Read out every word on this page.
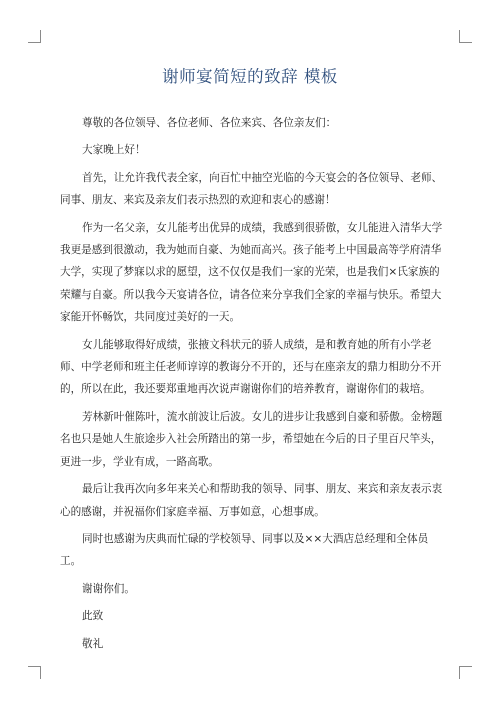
谢师宴简短的致辞 模板

尊敬的各位领导、各位老师、各位来宾、各位亲友们：

大家晚上好！

首先，让允许我代表全家，向百忙中抽空光临的今天宴会的各位领导、老师、同事、朋友、来宾及亲友们表示热烈的欢迎和衷心的感谢！

作为一名父亲，女儿能考出优异的成绩，我感到很骄傲，女儿能进入清华大学我更是感到很激动，我为她而自豪、为她而高兴。孩子能考上中国最高等学府清华大学，实现了梦寐以求的愿望，这不仅仅是我们一家的光荣，也是我们×氏家族的荣耀与自豪。所以我今天宴请各位，请各位来分享我们全家的幸福与快乐。希望大家能开怀畅饮，共同度过美好的一天。

女儿能够取得好成绩，张掖文科状元的骄人成绩，是和教育她的所有小学老师、中学老师和班主任老师谆谆的教诲分不开的，还与在座亲友的鼎力相助分不开的，所以在此，我还要郑重地再次说声谢谢你们的培养教育，谢谢你们的栽培。

芳林新叶催陈叶，流水前波让后波。女儿的进步让我感到自豪和骄傲。金榜题名也只是她人生旅途步入社会所踏出的第一步，希望她在今后的日子里百尺竿头，更进一步，学业有成，一路高歌。

最后让我再次向多年来关心和帮助我的领导、同事、朋友、来宾和亲友表示衷心的感谢，并祝福你们家庭幸福、万事如意，心想事成。

同时也感谢为庆典而忙碌的学校领导、同事以及××大酒店总经理和全体员工。

谢谢你们。

此致

敬礼
